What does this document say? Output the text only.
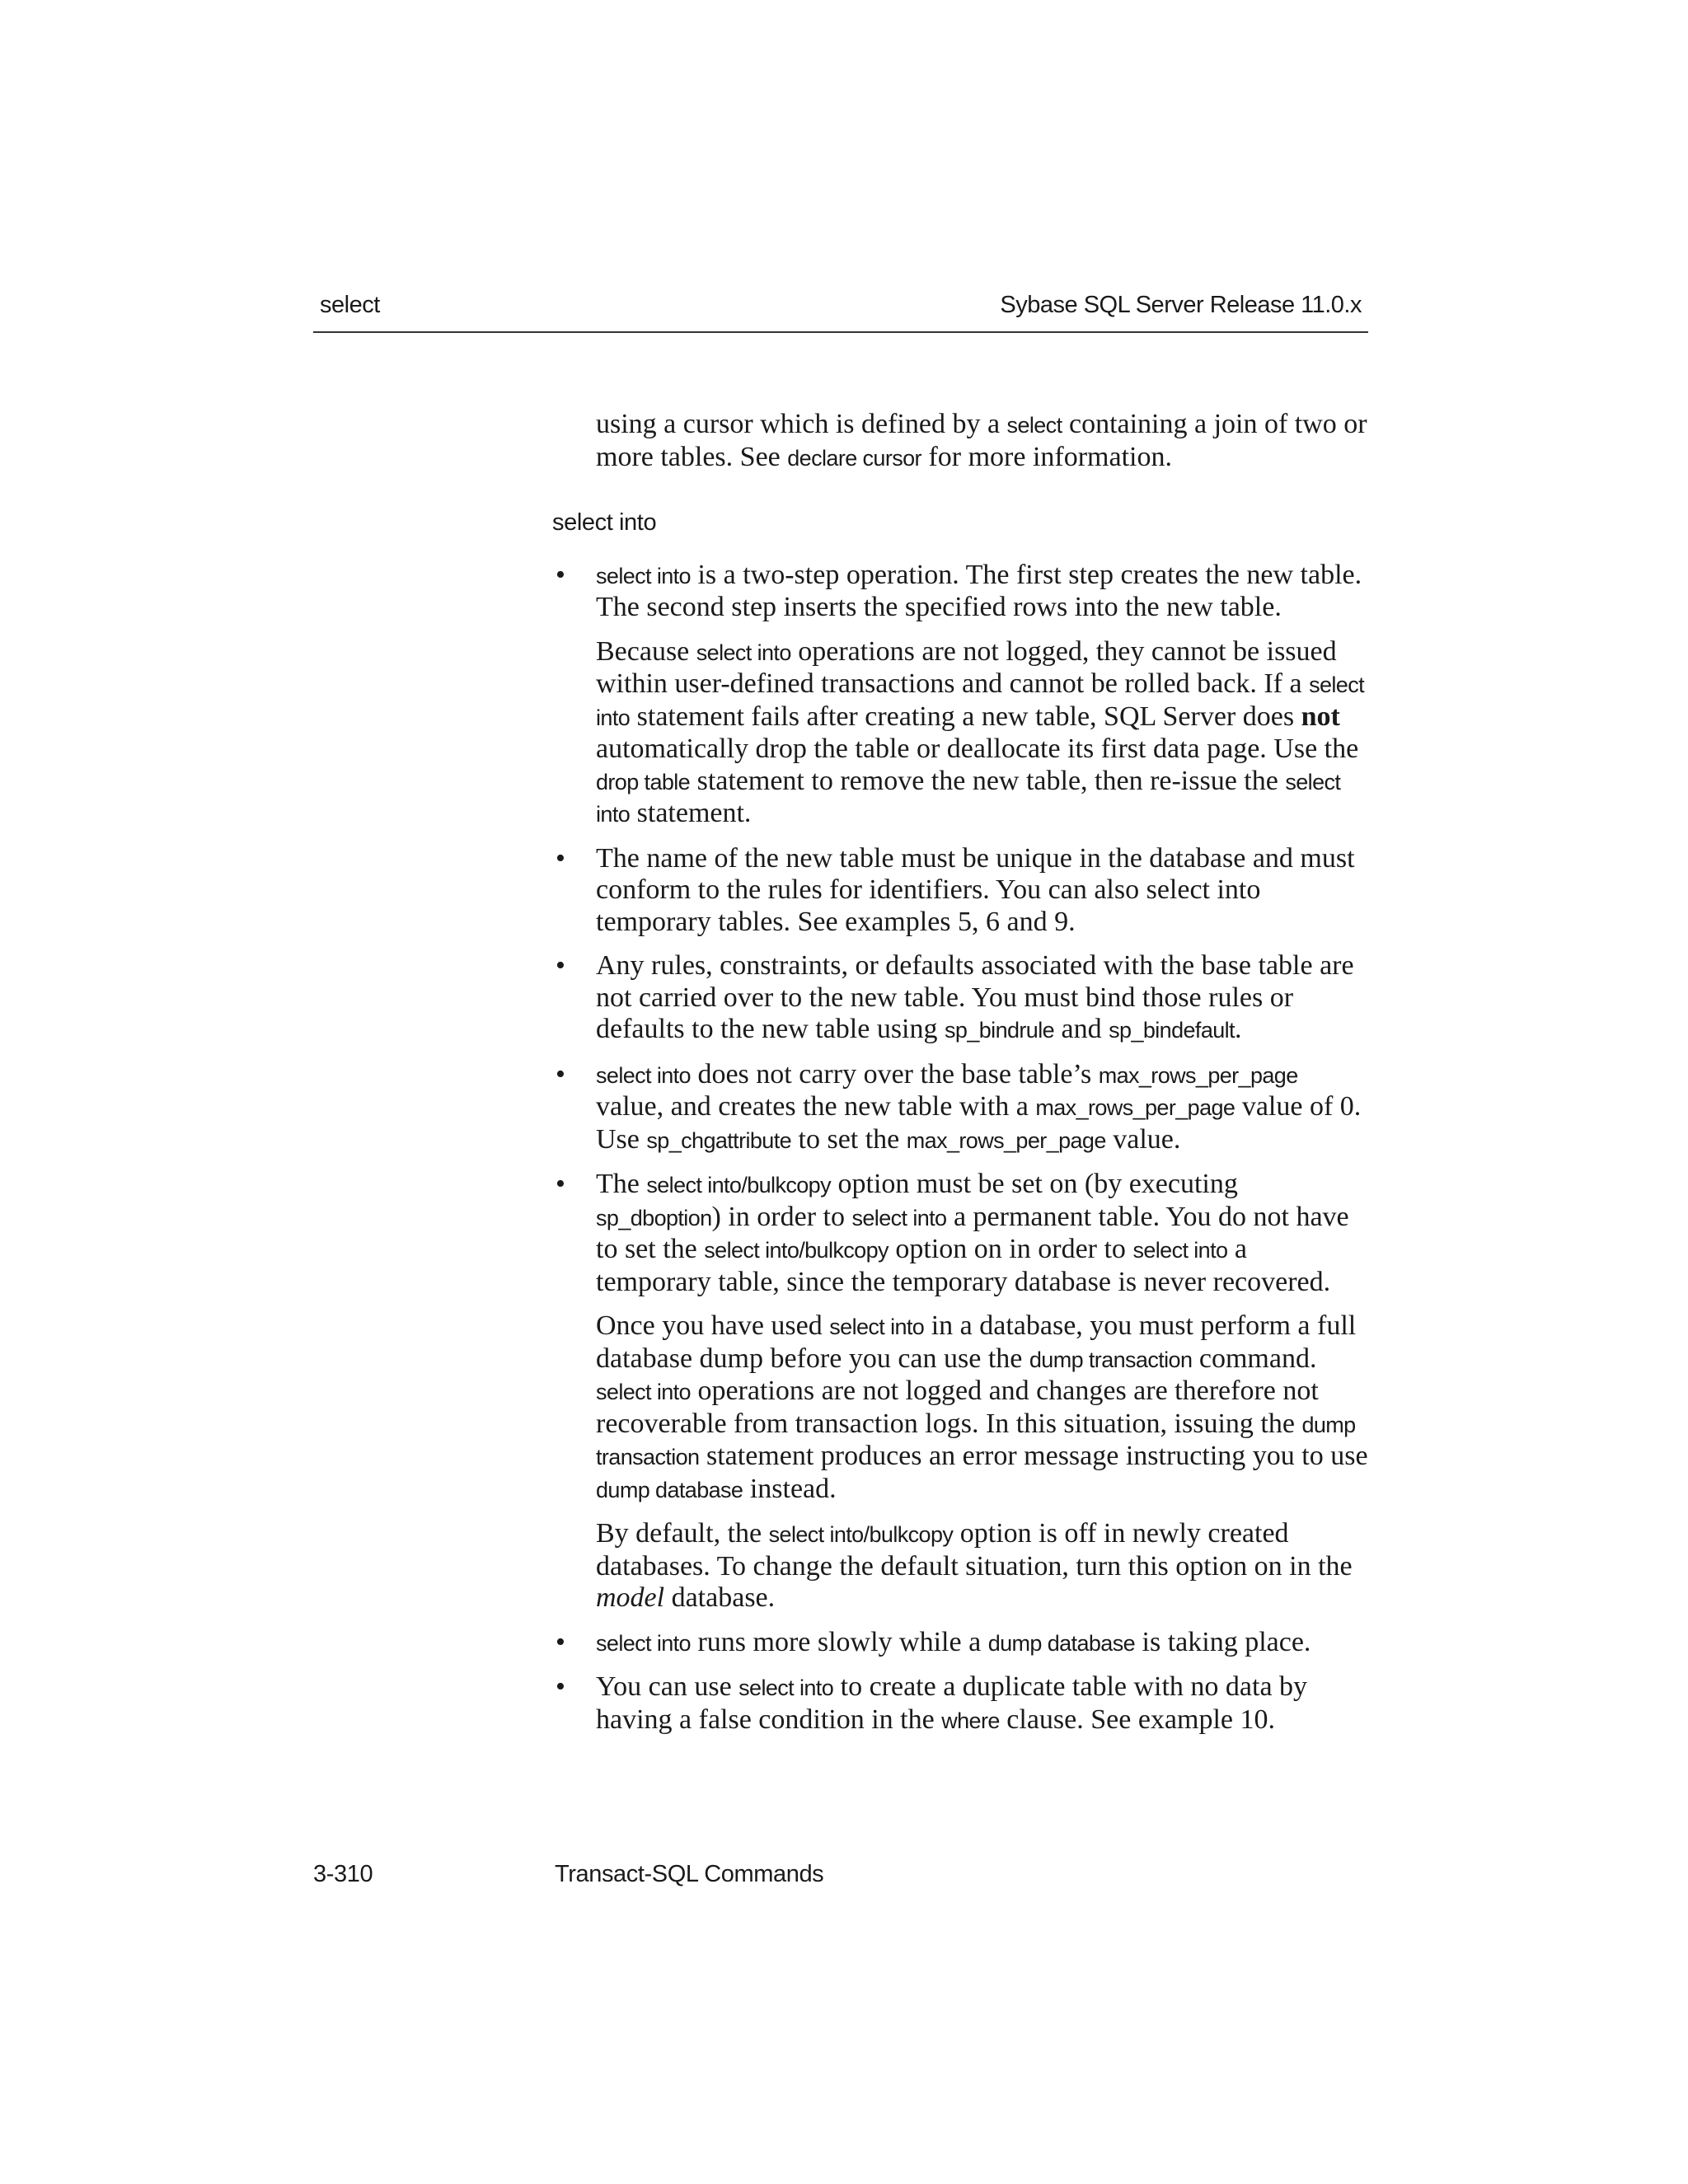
select	Sybase SQL Server Release 11.0.x

using a cursor which is defined by a select containing a join of two or more tables. See declare cursor for more information.

select into

• select into is a two-step operation. The first step creates the new table. The second step inserts the specified rows into the new table.

Because select into operations are not logged, they cannot be issued within user-defined transactions and cannot be rolled back. If a select into statement fails after creating a new table, SQL Server does not automatically drop the table or deallocate its first data page. Use the drop table statement to remove the new table, then re-issue the select into statement.

• The name of the new table must be unique in the database and must conform to the rules for identifiers. You can also select into temporary tables. See examples 5, 6 and 9.

• Any rules, constraints, or defaults associated with the base table are not carried over to the new table. You must bind those rules or defaults to the new table using sp_bindrule and sp_bindefault.

• select into does not carry over the base table’s max_rows_per_page value, and creates the new table with a max_rows_per_page value of 0. Use sp_chgattribute to set the max_rows_per_page value.

• The select into/bulkcopy option must be set on (by executing sp_dboption) in order to select into a permanent table. You do not have to set the select into/bulkcopy option on in order to select into a temporary table, since the temporary database is never recovered.

Once you have used select into in a database, you must perform a full database dump before you can use the dump transaction command. select into operations are not logged and changes are therefore not recoverable from transaction logs. In this situation, issuing the dump transaction statement produces an error message instructing you to use dump database instead.

By default, the select into/bulkcopy option is off in newly created databases. To change the default situation, turn this option on in the model database.

• select into runs more slowly while a dump database is taking place.

• You can use select into to create a duplicate table with no data by having a false condition in the where clause. See example 10.

3-310	Transact-SQL Commands
